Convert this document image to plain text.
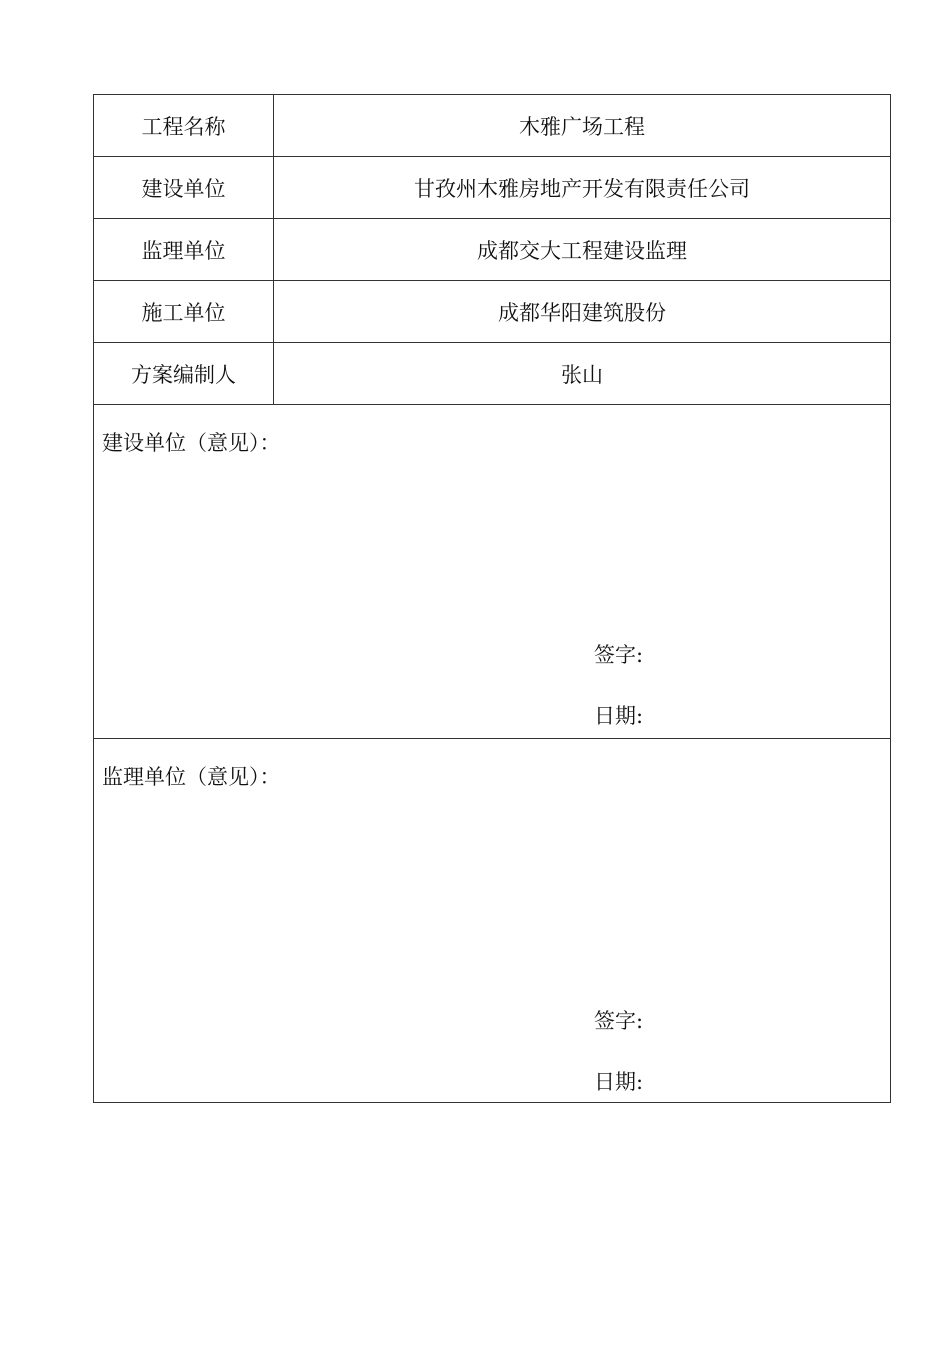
工程名称	木雅广场工程
建设单位	甘孜州木雅房地产开发有限责任公司
监理单位	成都交大工程建设监理
施工单位	成都华阳建筑股份
方案编制人	张山
建设单位（意见）：
签字:
日期:
监理单位（意见）：
签字:
日期:
